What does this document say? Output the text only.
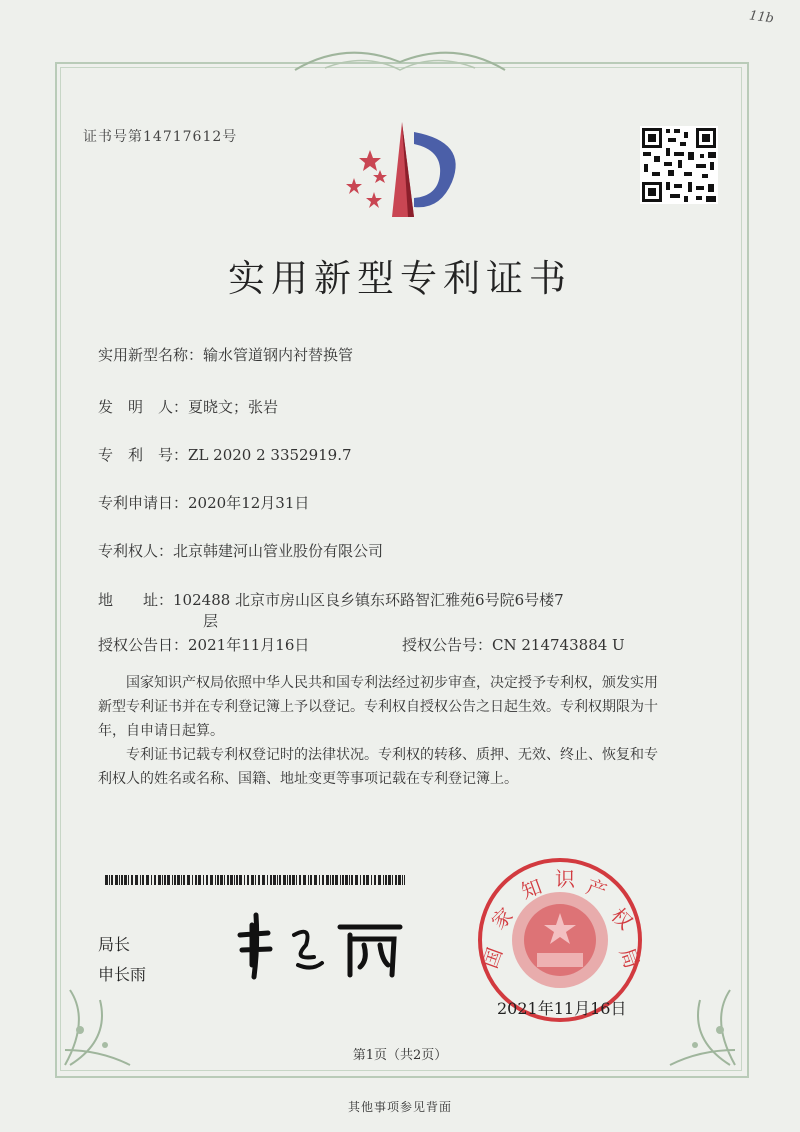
11b
证书号第14717612号
实用新型专利证书
实用新型名称：输水管道钢内衬替换管
发　明　人：夏晓文；张岩
专　利　号：ZL 2020 2 3352919.7
专利申请日：2020年12月31日
专利权人：北京韩建河山管业股份有限公司
地　　址：102488 北京市房山区良乡镇东环路智汇雅苑6号院6号楼7
层
授权公告日：2021年11月16日	授权公告号：CN 214743884 U
国家知识产权局依照中华人民共和国专利法经过初步审查，决定授予专利权，颁发实用
新型专利证书并在专利登记簿上予以登记。专利权自授权公告之日起生效。专利权期限为十
年，自申请日起算。
专利证书记载专利权登记时的法律状况。专利权的转移、质押、无效、终止、恢复和专
利权人的姓名或名称、国籍、地址变更等事项记载在专利登记簿上。
局长
申长雨
国
家
知 识 产
权
局
2021年11月16日
第1页（共2页）
其他事项参见背面
